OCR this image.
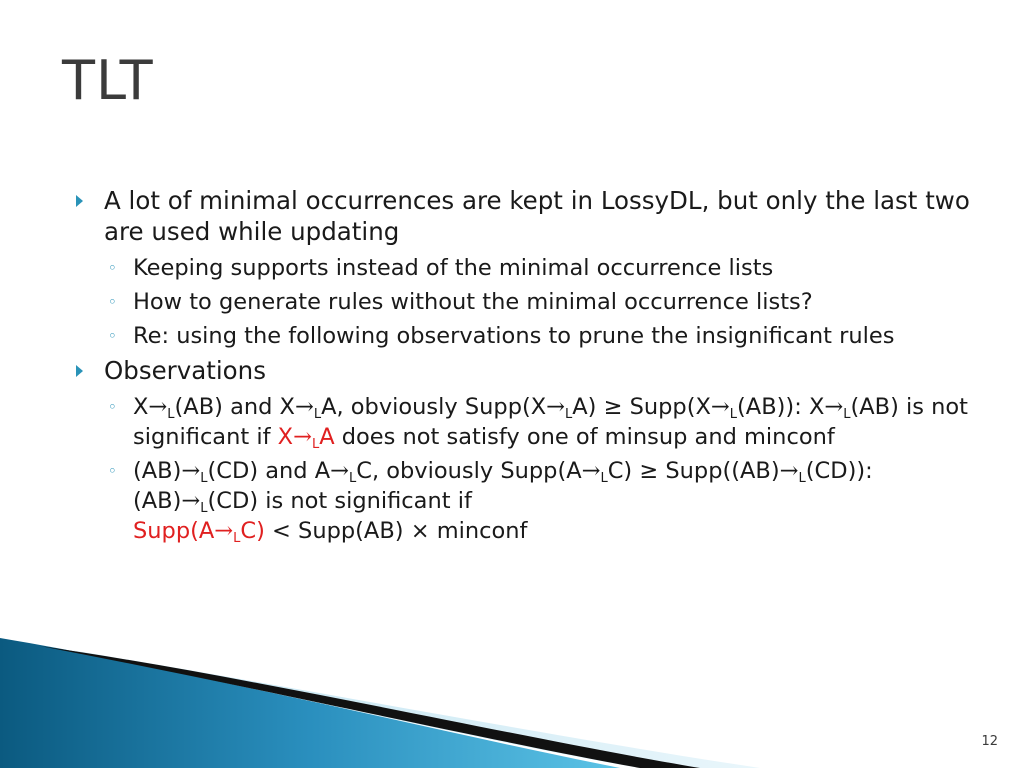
TLT
A lot of minimal occurrences are kept in LossyDL, but only the last two are used while updating
◦ Keeping supports instead of the minimal occurrence lists
◦ How to generate rules without the minimal occurrence lists?
◦ Re: using the following observations to prune the insignificant rules
Observations
◦ $X\to_L(AB)$ and $X\to_LA$, obviously $Supp(X\to_LA)$ ≥ $Supp(X\to_L(AB))$: $X\to_L(AB)$ is not significant if $X\to_LA$ does not satisfy one of minsup and minconf
◦ $(AB)\to_L(CD)$ and $A\to_LC$, obviously $Supp(A\to_LC)$ ≥ $Supp((AB)\to_L(CD))$: $(AB)\to_L(CD)$ is not significant if
$Supp(A\to_LC)$ < Supp(AB) × minconf
12
